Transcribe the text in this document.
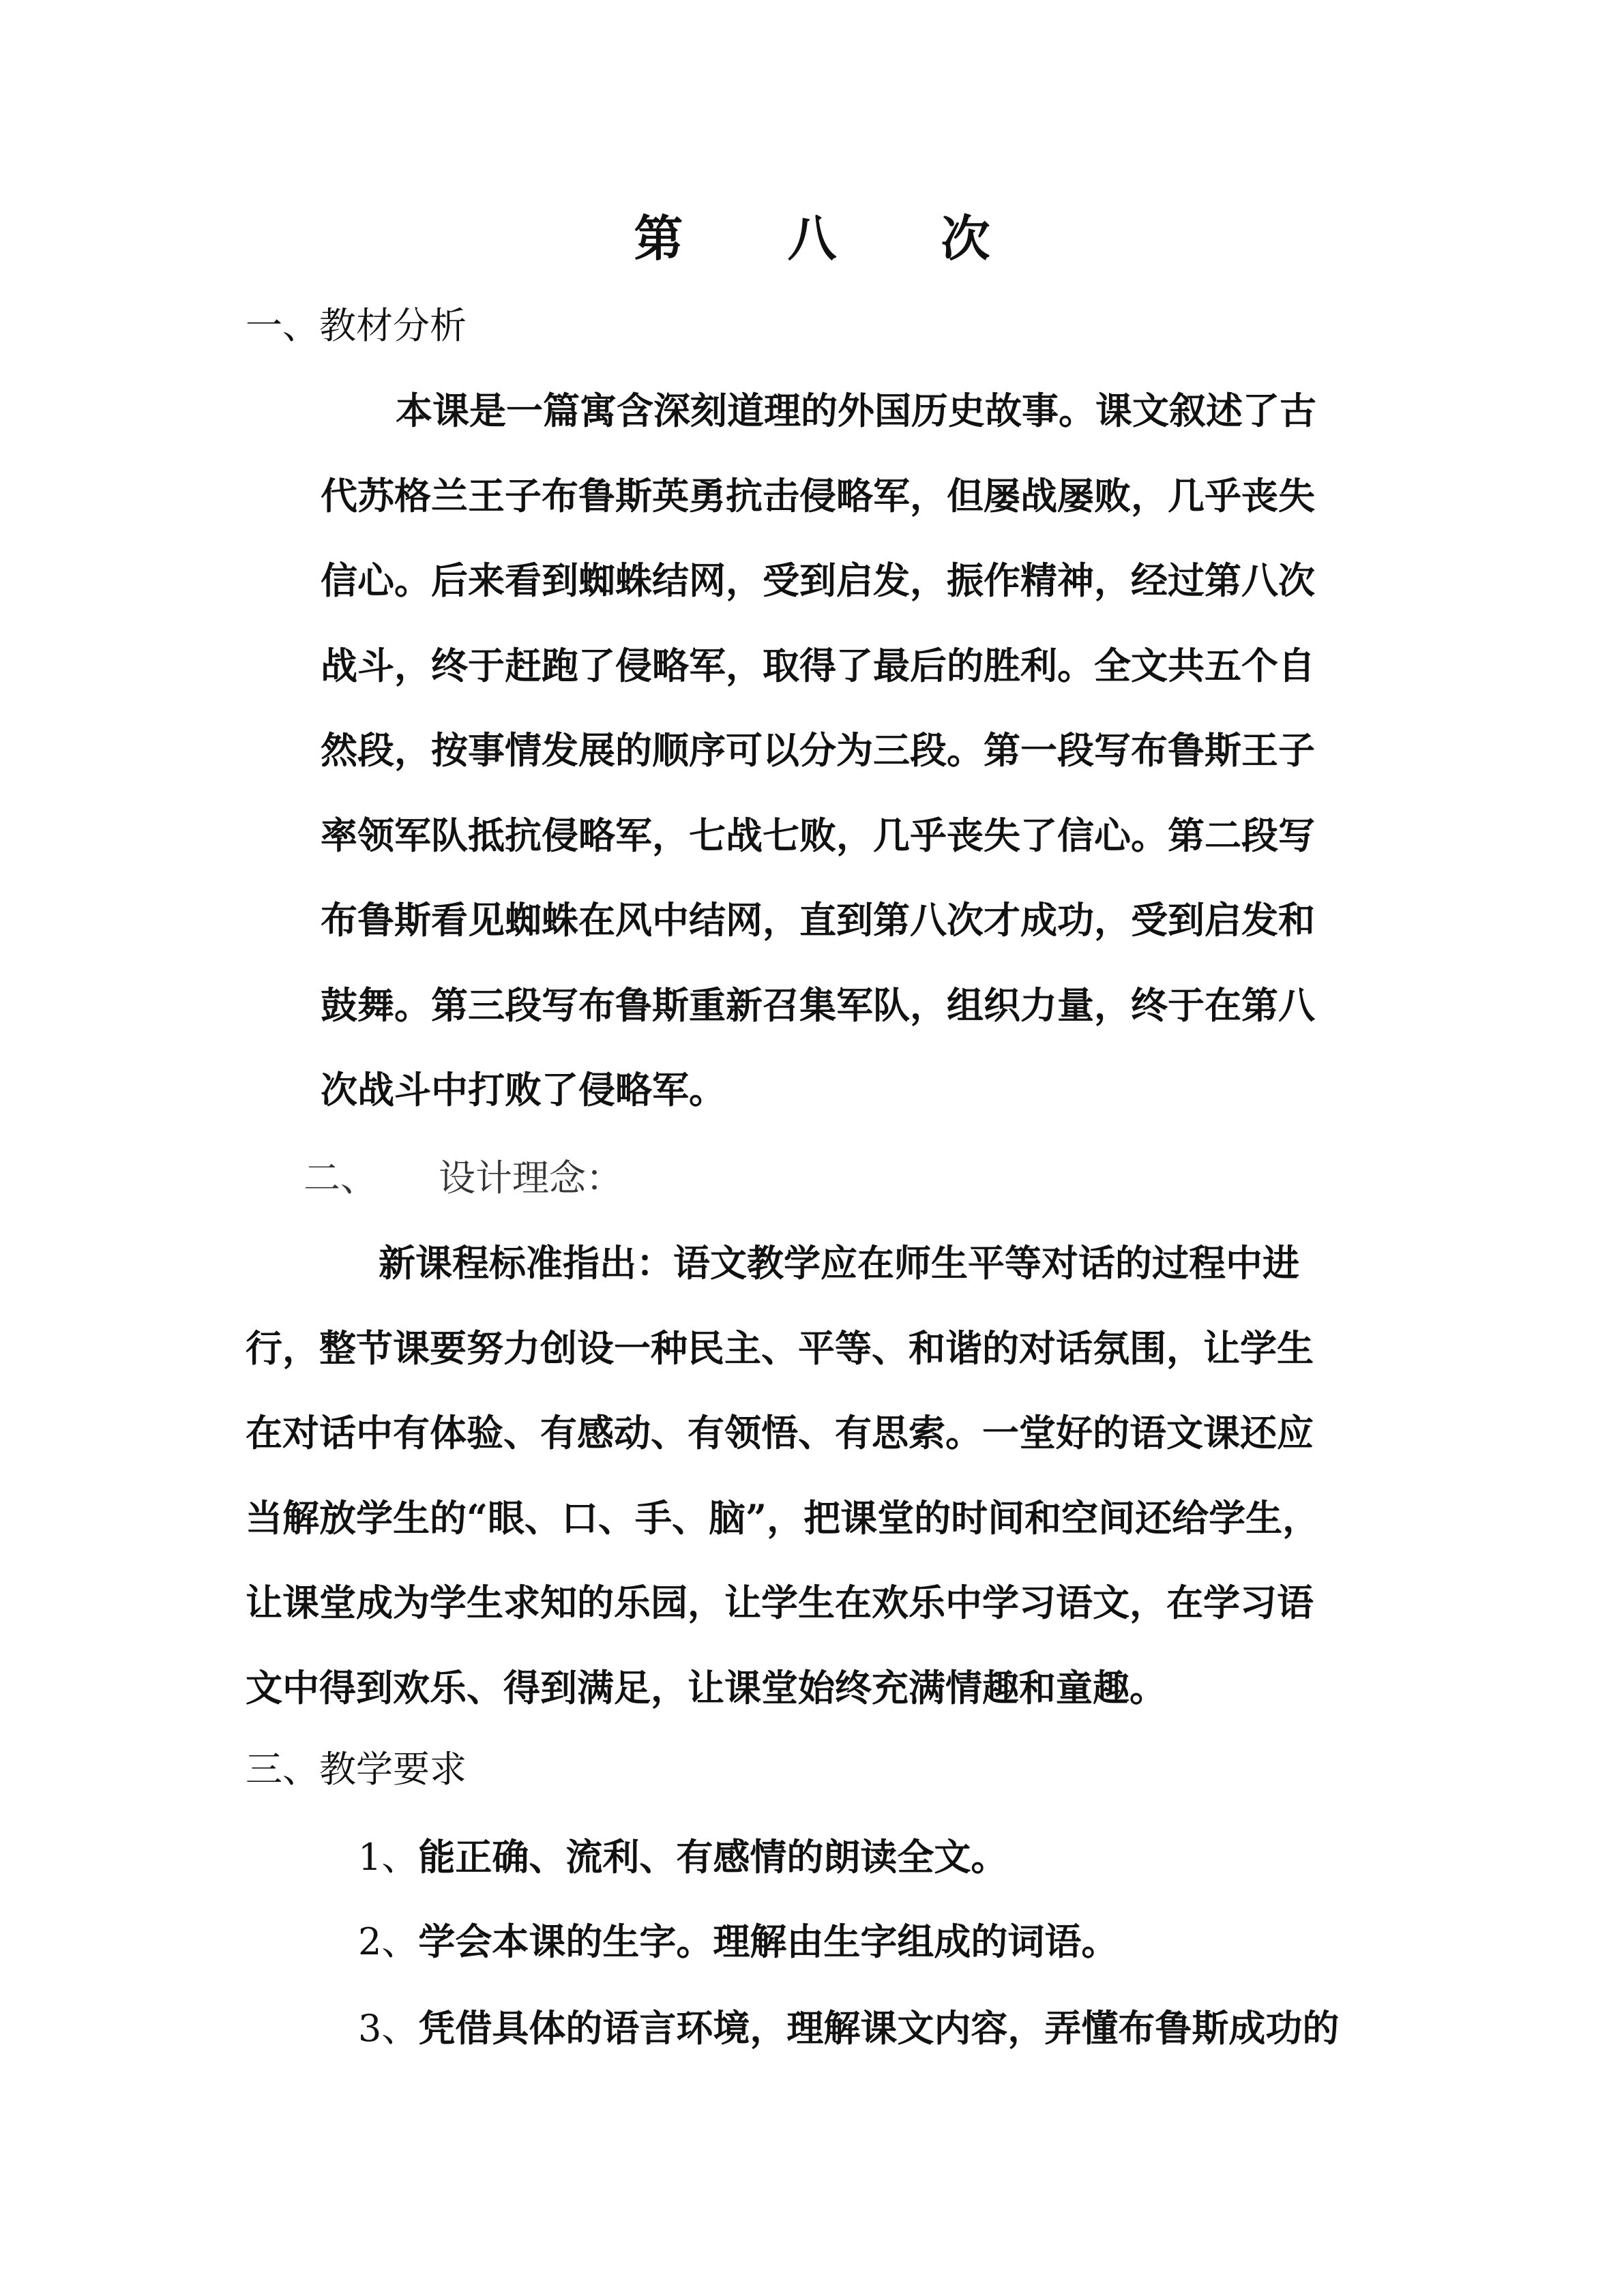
第 八 次
一、教材分析
本课是一篇寓含深刻道理的外国历史故事。课文叙述了古
代苏格兰王子布鲁斯英勇抗击侵略军，但屡战屡败，几乎丧失
信心。后来看到蜘蛛结网，受到启发，振作精神，经过第八次
战斗，终于赶跑了侵略军，取得了最后的胜利。全文共五个自
然段，按事情发展的顺序可以分为三段。第一段写布鲁斯王子
率领军队抵抗侵略军，七战七败，几乎丧失了信心。第二段写
布鲁斯看见蜘蛛在风中结网，直到第八次才成功，受到启发和
鼓舞。第三段写布鲁斯重新召集军队，组织力量，终于在第八
次战斗中打败了侵略军。
二、 设计理念：
新课程标准指出：语文教学应在师生平等对话的过程中进
行，整节课要努力创设一种民主、平等、和谐的对话氛围，让学生
在对话中有体验、有感动、有领悟、有思索。一堂好的语文课还应
当解放学生的“眼、口、手、脑”，把课堂的时间和空间还给学生，
让课堂成为学生求知的乐园，让学生在欢乐中学习语文，在学习语
文中得到欢乐、得到满足，让课堂始终充满情趣和童趣。
三、教学要求
1、能正确、流利、有感情的朗读全文。
2、学会本课的生字。理解由生字组成的词语。
3、凭借具体的语言环境，理解课文内容，弄懂布鲁斯成功的
